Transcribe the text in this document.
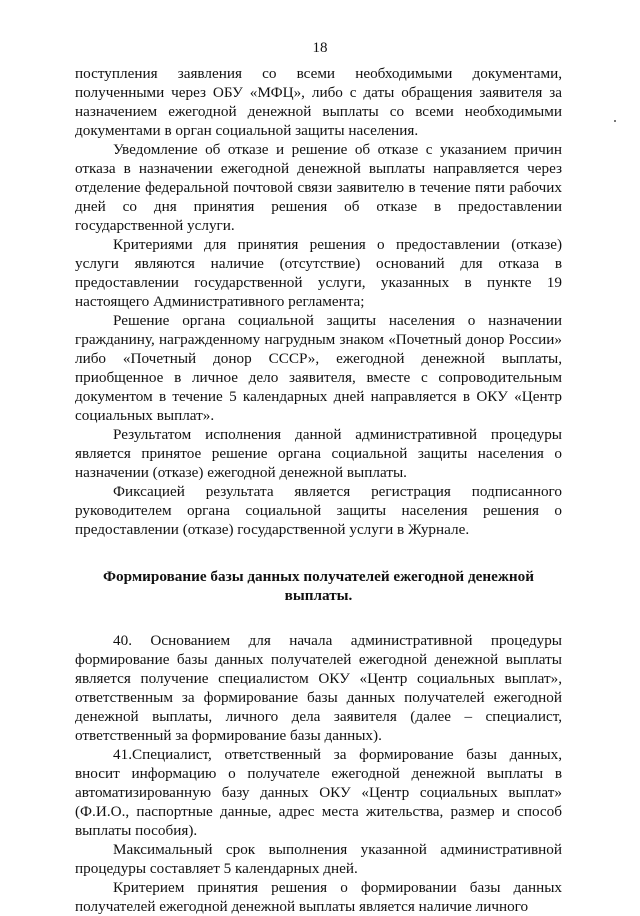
18

поступления заявления со всеми необходимыми документами, полученными через ОБУ «МФЦ», либо с даты обращения заявителя за назначением ежегодной денежной выплаты со всеми необходимыми документами в орган социальной защиты населения.

Уведомление об отказе и решение об отказе с указанием причин отказа в назначении ежегодной денежной выплаты направляется через отделение федеральной почтовой связи заявителю в течение пяти рабочих дней со дня принятия решения об отказе в предоставлении государственной услуги.

Критериями для принятия решения о предоставлении (отказе) услуги являются наличие (отсутствие) оснований для отказа в предоставлении государственной услуги, указанных в пункте 19 настоящего Административного регламента;

Решение органа социальной защиты населения о назначении гражданину, награжденному нагрудным знаком «Почетный донор России» либо «Почетный донор СССР», ежегодной денежной выплаты, приобщенное в личное дело заявителя, вместе с сопроводительным документом в течение 5 календарных дней направляется в ОКУ «Центр социальных выплат».

Результатом исполнения данной административной процедуры является принятое решение органа социальной защиты населения о назначении (отказе) ежегодной денежной выплаты.

Фиксацией результата является регистрация подписанного руководителем органа социальной защиты населения решения о предоставлении (отказе) государственной услуги в Журнале.

Формирование базы данных получателей ежегодной денежной выплаты.

40. Основанием для начала административной процедуры формирование базы данных получателей ежегодной денежной выплаты является получение специалистом ОКУ «Центр социальных выплат», ответственным за формирование базы данных получателей ежегодной денежной выплаты, личного дела заявителя (далее – специалист, ответственный за формирование базы данных).

41.Специалист, ответственный за формирование базы данных, вносит информацию о получателе ежегодной денежной выплаты в автоматизированную базу данных ОКУ «Центр социальных выплат» (Ф.И.О., паспортные данные, адрес места жительства, размер и способ выплаты пособия).

Максимальный срок выполнения указанной административной процедуры составляет 5 календарных дней.

Критерием принятия решения о формировании базы данных получателей ежегодной денежной выплаты является наличие личного
